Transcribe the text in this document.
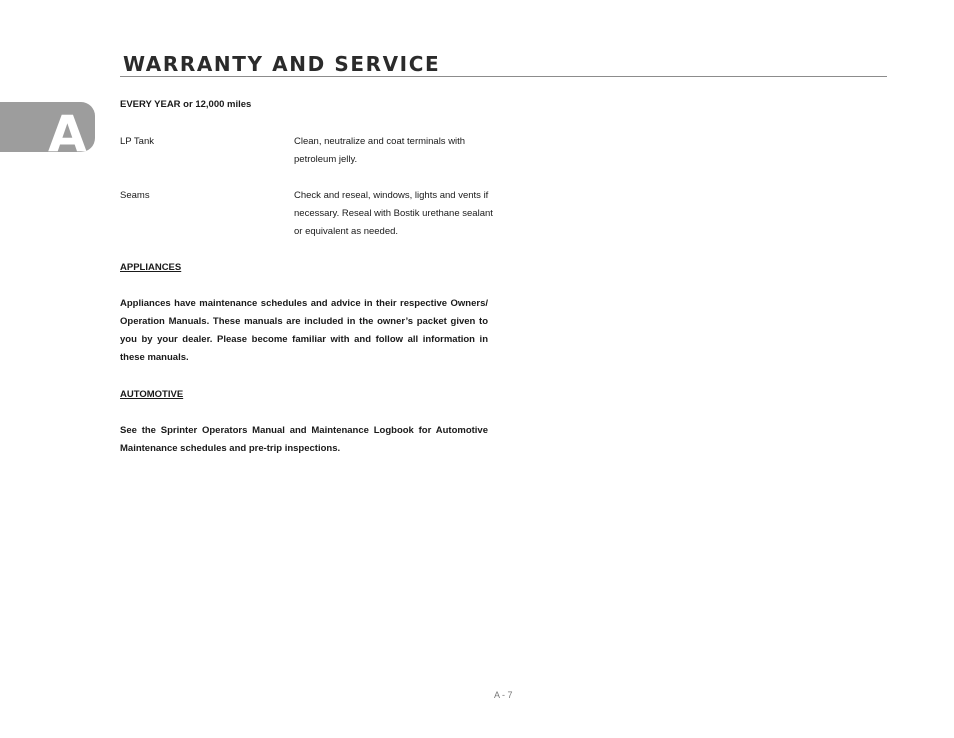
WARRANTY AND SERVICE
A
EVERY YEAR or 12,000 miles
LP Tank	Clean, neutralize and coat terminals with petroleum jelly.
Seams	Check and reseal, windows, lights and vents if necessary. Reseal with Bostik urethane sealant or equivalent as needed.
APPLIANCES
Appliances have maintenance schedules and advice in their respective Owners/ Operation Manuals. These manuals are included in the owner’s packet given to you by your dealer. Please become familiar with and follow all information in these manuals.
AUTOMOTIVE
See the Sprinter Operators Manual and Maintenance Logbook for Automotive Maintenance schedules and pre-trip inspections.
A - 7
